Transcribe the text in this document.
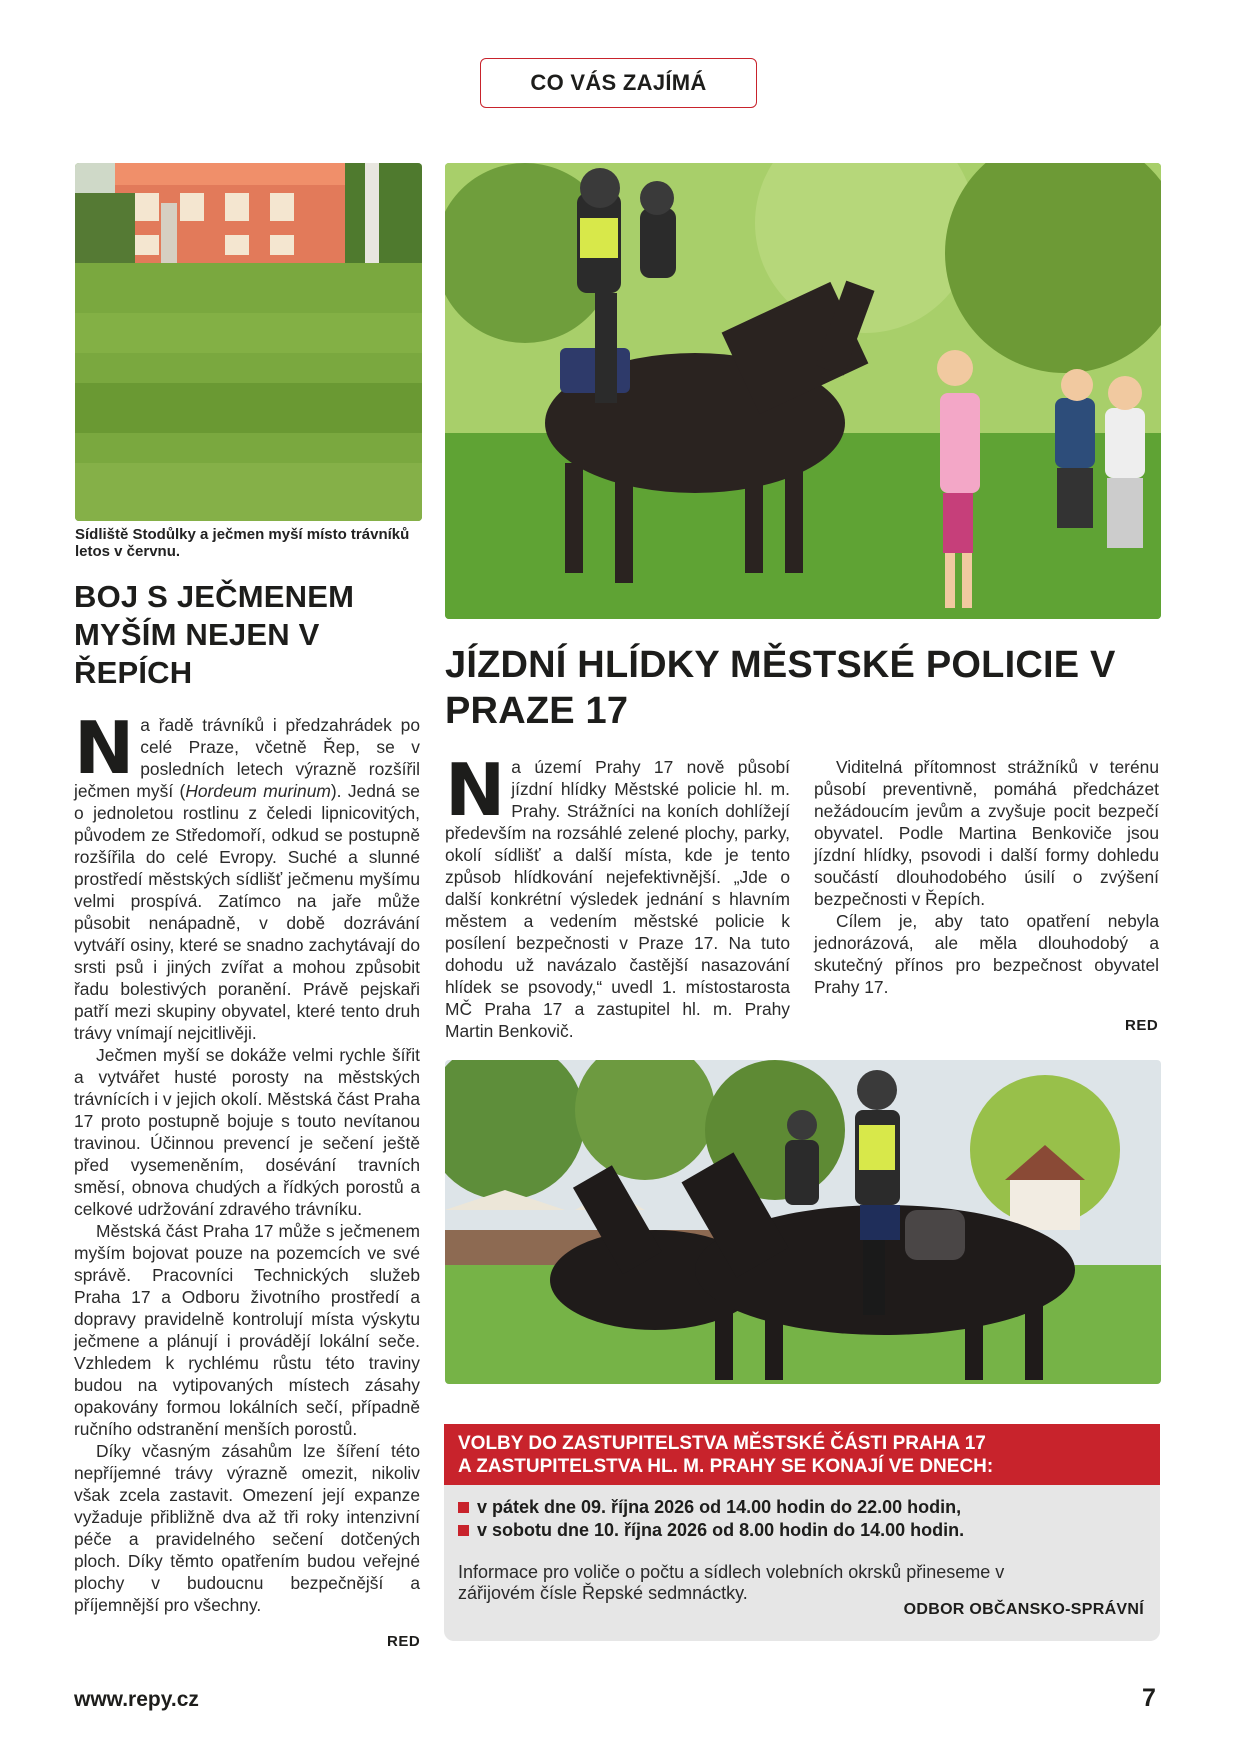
CO VÁS ZAJÍMÁ
Sídliště Stodůlky a ječmen myší místo trávníků letos v červnu.
BOJ S JEČMENEM MYŠÍM NEJEN V ŘEPÍCH

Na řadě trávníků i předzahrádek po celé Praze, včetně Řep, se v posledních letech výrazně rozšířil ječmen myší (Hordeum murinum). Jedná se o jednoletou rostlinu z čeledi lipnicovitých, původem ze Středomoří, odkud se postupně rozšířila do celé Evropy. Suché a slunné prostředí městských sídlišť ječmenu myšímu velmi prospívá. Zatímco na jaře může působit nenápadně, v době dozrávání vytváří osiny, které se snadno zachytávají do srsti psů i jiných zvířat a mohou způsobit řadu bolestivých poranění. Právě pejskaři patří mezi skupiny obyvatel, které tento druh trávy vnímají nejcitlivěji.

Ječmen myší se dokáže velmi rychle šířit a vytvářet husté porosty na městských trávnících i v jejich okolí. Městská část Praha 17 proto postupně bojuje s touto nevítanou travinou. Účinnou prevencí je sečení ještě před vysemeněním, dosévání travních směsí, obnova chudých a řídkých porostů a celkové udržování zdravého trávníku.

Městská část Praha 17 může s ječmenem myším bojovat pouze na pozemcích ve své správě. Pracovníci Technických služeb Praha 17 a Odboru životního prostředí a dopravy pravidelně kontrolují místa výskytu ječmene a plánují i provádějí lokální seče. Vzhledem k rychlému růstu této traviny budou na vytipovaných místech zásahy opakovány formou lokálních sečí, případně ručního odstranění menších porostů.

Díky včasným zásahům lze šíření této nepříjemné trávy výrazně omezit, nikoliv však zcela zastavit. Omezení její expanze vyžaduje přibližně dva až tři roky intenzivní péče a pravidelného sečení dotčených ploch. Díky těmto opatřením budou veřejné plochy v budoucnu bezpečnější a příjemnější pro všechny.

RED
JÍZDNÍ HLÍDKY MĚSTSKÉ POLICIE V PRAZE 17

Na území Prahy 17 nově působí jízdní hlídky Městské policie hl. m. Prahy. Strážníci na koních dohlížejí především na rozsáhlé zelené plochy, parky, okolí sídlišť a další místa, kde je tento způsob hlídkování nejefektivnější. „Jde o další konkrétní výsledek jednání s hlavním městem a vedením městské policie k posílení bezpečnosti v Praze 17. Na tuto dohodu už navázalo častější nasazování hlídek se psovody,“ uvedl 1. místostarosta MČ Praha 17 a zastupitel hl. m. Prahy Martin Benkovič.

Viditelná přítomnost strážníků v terénu působí preventivně, pomáhá předcházet nežádoucím jevům a zvyšuje pocit bezpečí obyvatel. Podle Martina Benkoviče jsou jízdní hlídky, psovodi i další formy dohledu součástí dlouhodobého úsilí o zvýšení bezpečnosti v Řepích.

Cílem je, aby tato opatření nebyla jednorázová, ale měla dlouhodobý a skutečný přínos pro bezpečnost obyvatel Prahy 17.

RED
VOLBY DO ZASTUPITELSTVA MĚSTSKÉ ČÁSTI PRAHA 17
A ZASTUPITELSTVA HL. M. PRAHY SE KONAJÍ VE DNECH:
v pátek dne 09. října 2026 od 14.00 hodin do 22.00 hodin,
v sobotu dne 10. října 2026 od 8.00 hodin do 14.00 hodin.
Informace pro voliče o počtu a sídlech volebních okrsků přineseme v zářijovém čísle Řepské sedmnáctky.
ODBOR OBČANSKO-SPRÁVNÍ
www.repy.cz	7
